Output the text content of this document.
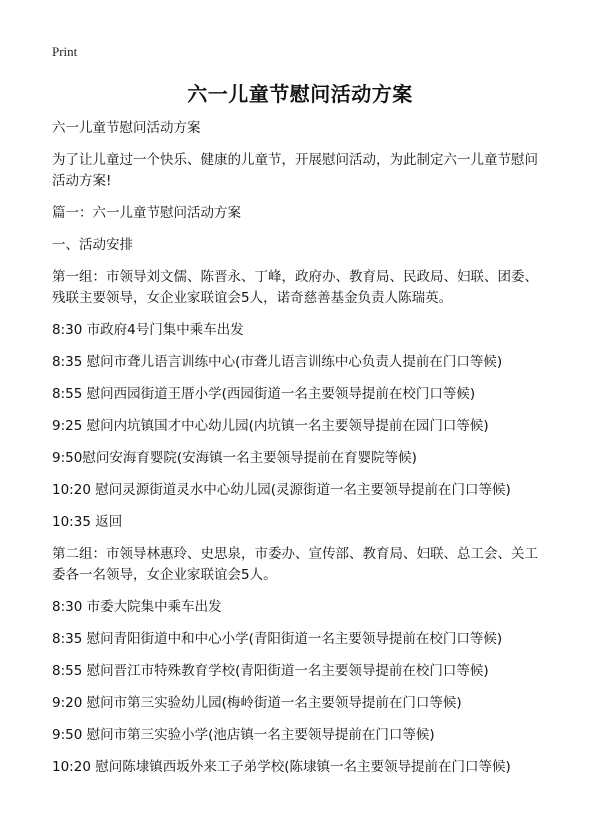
Print
六一儿童节慰问活动方案

六一儿童节慰问活动方案

为了让儿童过一个快乐、健康的儿童节，开展慰问活动，为此制定六一儿童节慰问活动方案!

篇一：六一儿童节慰问活动方案

一、活动安排

第一组：市领导刘文儒、陈晋永、丁峰，政府办、教育局、民政局、妇联、团委、残联主要领导，女企业家联谊会5人，诺奇慈善基金负责人陈瑞英。

8:30 市政府4号门集中乘车出发

8:35 慰问市聋儿语言训练中心(市聋儿语言训练中心负责人提前在门口等候)

8:55 慰问西园街道王厝小学(西园街道一名主要领导提前在校门口等候)

9:25 慰问内坑镇国才中心幼儿园(内坑镇一名主要领导提前在园门口等候)

9:50慰问安海育婴院(安海镇一名主要领导提前在育婴院等候)

10:20 慰问灵源街道灵水中心幼儿园(灵源街道一名主要领导提前在门口等候)

10:35 返回

第二组：市领导林惠玲、史思泉，市委办、宣传部、教育局、妇联、总工会、关工委各一名领导，女企业家联谊会5人。

8:30 市委大院集中乘车出发

8:35 慰问青阳街道中和中心小学(青阳街道一名主要领导提前在校门口等候)

8:55 慰问晋江市特殊教育学校(青阳街道一名主要领导提前在校门口等候)

9:20 慰问市第三实验幼儿园(梅岭街道一名主要领导提前在门口等候)

9:50 慰问市第三实验小学(池店镇一名主要领导提前在门口等候)

10:20 慰问陈埭镇西坂外来工子弟学校(陈埭镇一名主要领导提前在门口等候)
